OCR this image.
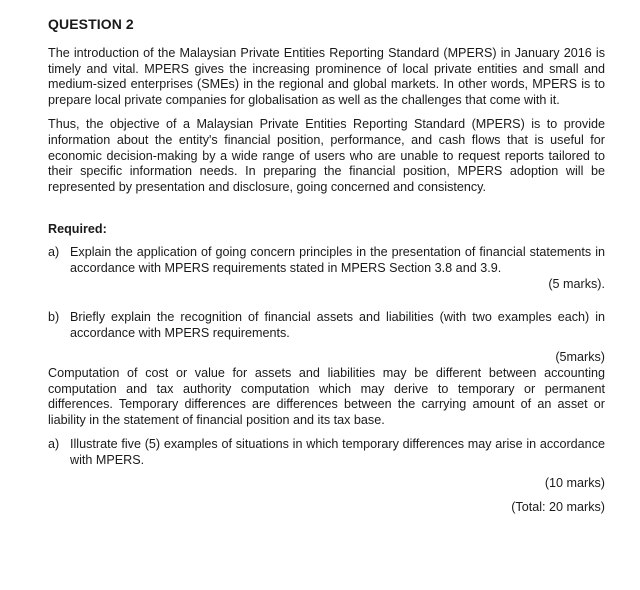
QUESTION 2

The introduction of the Malaysian Private Entities Reporting Standard (MPERS) in January 2016 is timely and vital. MPERS gives the increasing prominence of local private entities and small and medium-sized enterprises (SMEs) in the regional and global markets. In other words, MPERS is to prepare local private companies for globalisation as well as the challenges that come with it.

Thus, the objective of a Malaysian Private Entities Reporting Standard (MPERS) is to provide information about the entity's financial position, performance, and cash flows that is useful for economic decision-making by a wide range of users who are unable to request reports tailored to their specific information needs. In preparing the financial position, MPERS adoption will be represented by presentation and disclosure, going concerned and consistency.

Required:
a) Explain the application of going concern principles in the presentation of financial statements in accordance with MPERS requirements stated in MPERS Section 3.8 and 3.9.
(5 marks).
b) Briefly explain the recognition of financial assets and liabilities (with two examples each) in accordance with MPERS requirements.
(5marks)

Computation of cost or value for assets and liabilities may be different between accounting computation and tax authority computation which may derive to temporary or permanent differences. Temporary differences are differences between the carrying amount of an asset or liability in the statement of financial position and its tax base.

a) Illustrate five (5) examples of situations in which temporary differences may arise in accordance with MPERS.
(10 marks)
(Total: 20 marks)
